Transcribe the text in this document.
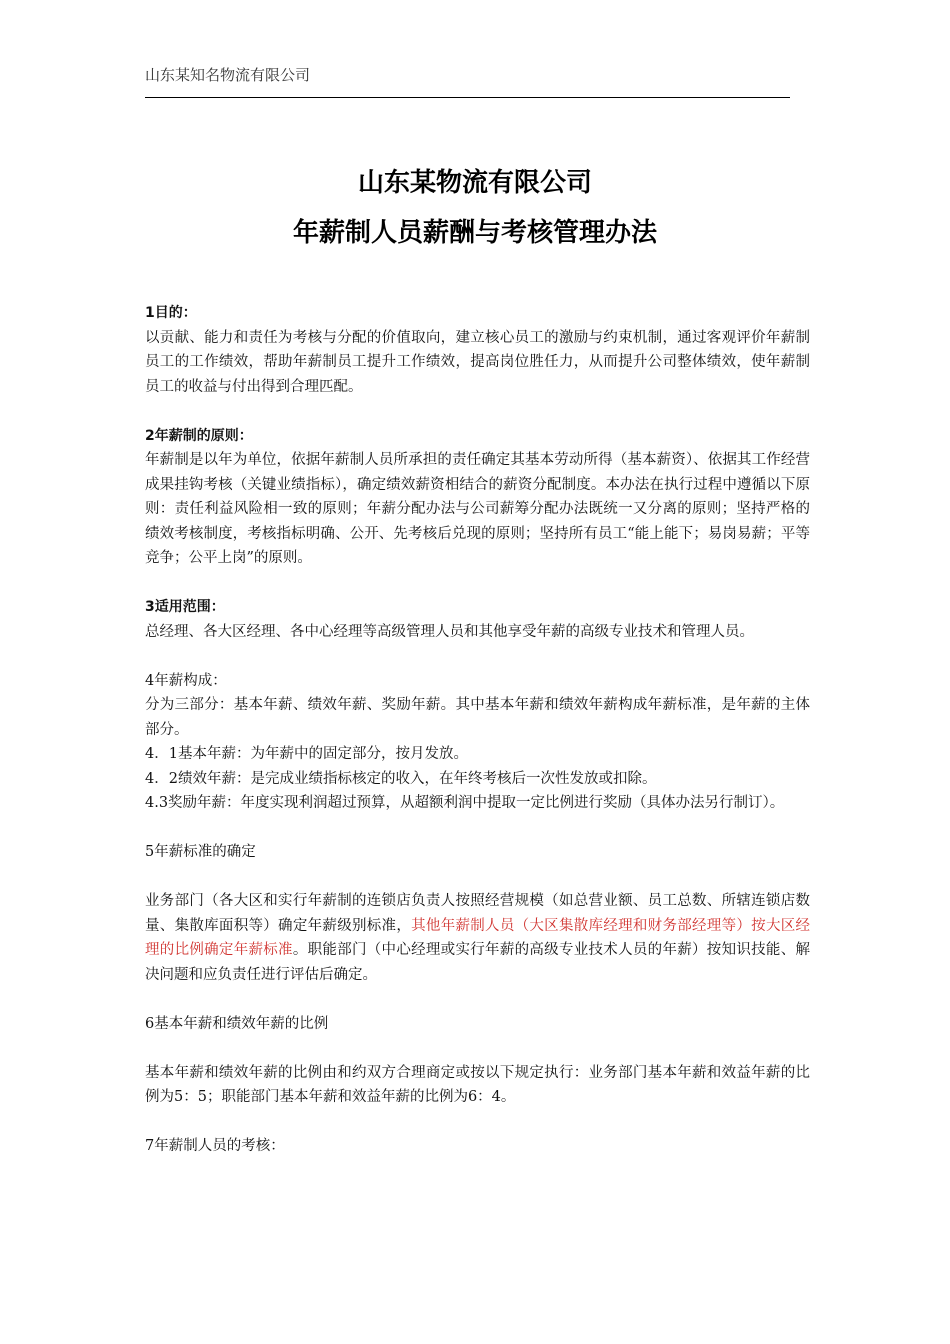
山东某知名物流有限公司
山东某物流有限公司
年薪制人员薪酬与考核管理办法

1目的：

以贡献、能力和责任为考核与分配的价值取向，建立核心员工的激励与约束机制，通过客观评价年薪制员工的工作绩效，帮助年薪制员工提升工作绩效，提高岗位胜任力，从而提升公司整体绩效，使年薪制员工的收益与付出得到合理匹配。

2年薪制的原则：

年薪制是以年为单位，依据年薪制人员所承担的责任确定其基本劳动所得（基本薪资）、依据其工作经营成果挂钩考核（关键业绩指标），确定绩效薪资相结合的薪资分配制度。本办法在执行过程中遵循以下原则：责任利益风险相一致的原则；年薪分配办法与公司薪筹分配办法既统一又分离的原则；坚持严格的绩效考核制度，考核指标明确、公开、先考核后兑现的原则；坚持所有员工“能上能下；易岗易薪；平等竞争；公平上岗”的原则。

3适用范围：

总经理、各大区经理、各中心经理等高级管理人员和其他享受年薪的高级专业技术和管理人员。

4年薪构成：

分为三部分：基本年薪、绩效年薪、奖励年薪。其中基本年薪和绩效年薪构成年薪标准，是年薪的主体部分。

4．1基本年薪：为年薪中的固定部分，按月发放。

4．2绩效年薪：是完成业绩指标核定的收入，在年终考核后一次性发放或扣除。

4.3奖励年薪：年度实现利润超过预算，从超额利润中提取一定比例进行奖励（具体办法另行制订）。

5年薪标准的确定

业务部门（各大区和实行年薪制的连锁店负责人按照经营规模（如总营业额、员工总数、所辖连锁店数量、集散库面积等）确定年薪级别标准，其他年薪制人员（大区集散库经理和财务部经理等）按大区经理的比例确定年薪标准。职能部门（中心经理或实行年薪的高级专业技术人员的年薪）按知识技能、解决问题和应负责任进行评估后确定。

6基本年薪和绩效年薪的比例

基本年薪和绩效年薪的比例由和约双方合理商定或按以下规定执行：业务部门基本年薪和效益年薪的比例为5：5；职能部门基本年薪和效益年薪的比例为6：4。

7年薪制人员的考核：
